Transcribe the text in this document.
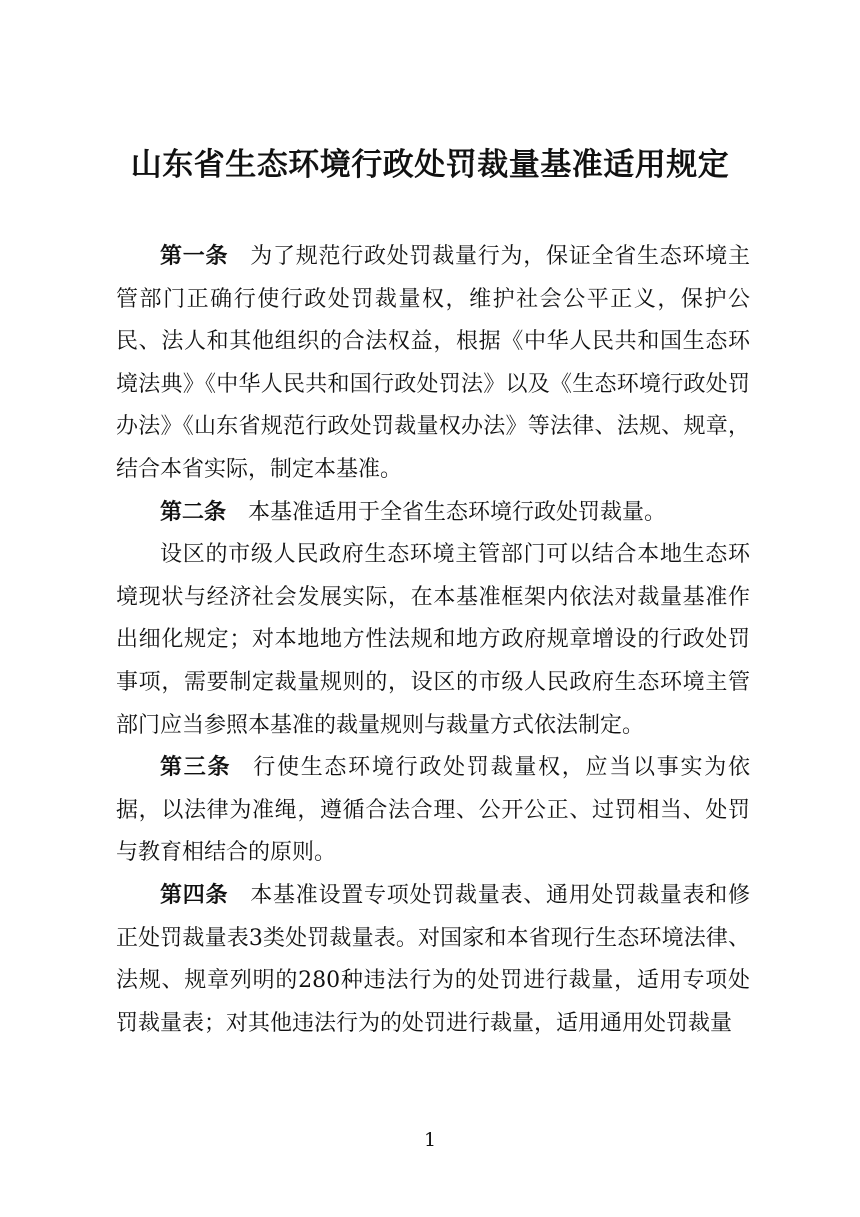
山东省生态环境行政处罚裁量基准适用规定

第一条 为了规范行政处罚裁量行为，保证全省生态环境主管部门正确行使行政处罚裁量权，维护社会公平正义，保护公民、法人和其他组织的合法权益，根据《中华人民共和国生态环境法典》《中华人民共和国行政处罚法》以及《生态环境行政处罚办法》《山东省规范行政处罚裁量权办法》等法律、法规、规章，结合本省实际，制定本基准。

第二条 本基准适用于全省生态环境行政处罚裁量。

设区的市级人民政府生态环境主管部门可以结合本地生态环境现状与经济社会发展实际，在本基准框架内依法对裁量基准作出细化规定；对本地地方性法规和地方政府规章增设的行政处罚事项，需要制定裁量规则的，设区的市级人民政府生态环境主管部门应当参照本基准的裁量规则与裁量方式依法制定。

第三条 行使生态环境行政处罚裁量权，应当以事实为依据，以法律为准绳，遵循合法合理、公开公正、过罚相当、处罚与教育相结合的原则。

第四条 本基准设置专项处罚裁量表、通用处罚裁量表和修正处罚裁量表3类处罚裁量表。对国家和本省现行生态环境法律、法规、规章列明的280种违法行为的处罚进行裁量，适用专项处罚裁量表；对其他违法行为的处罚进行裁量，适用通用处罚裁量

1
